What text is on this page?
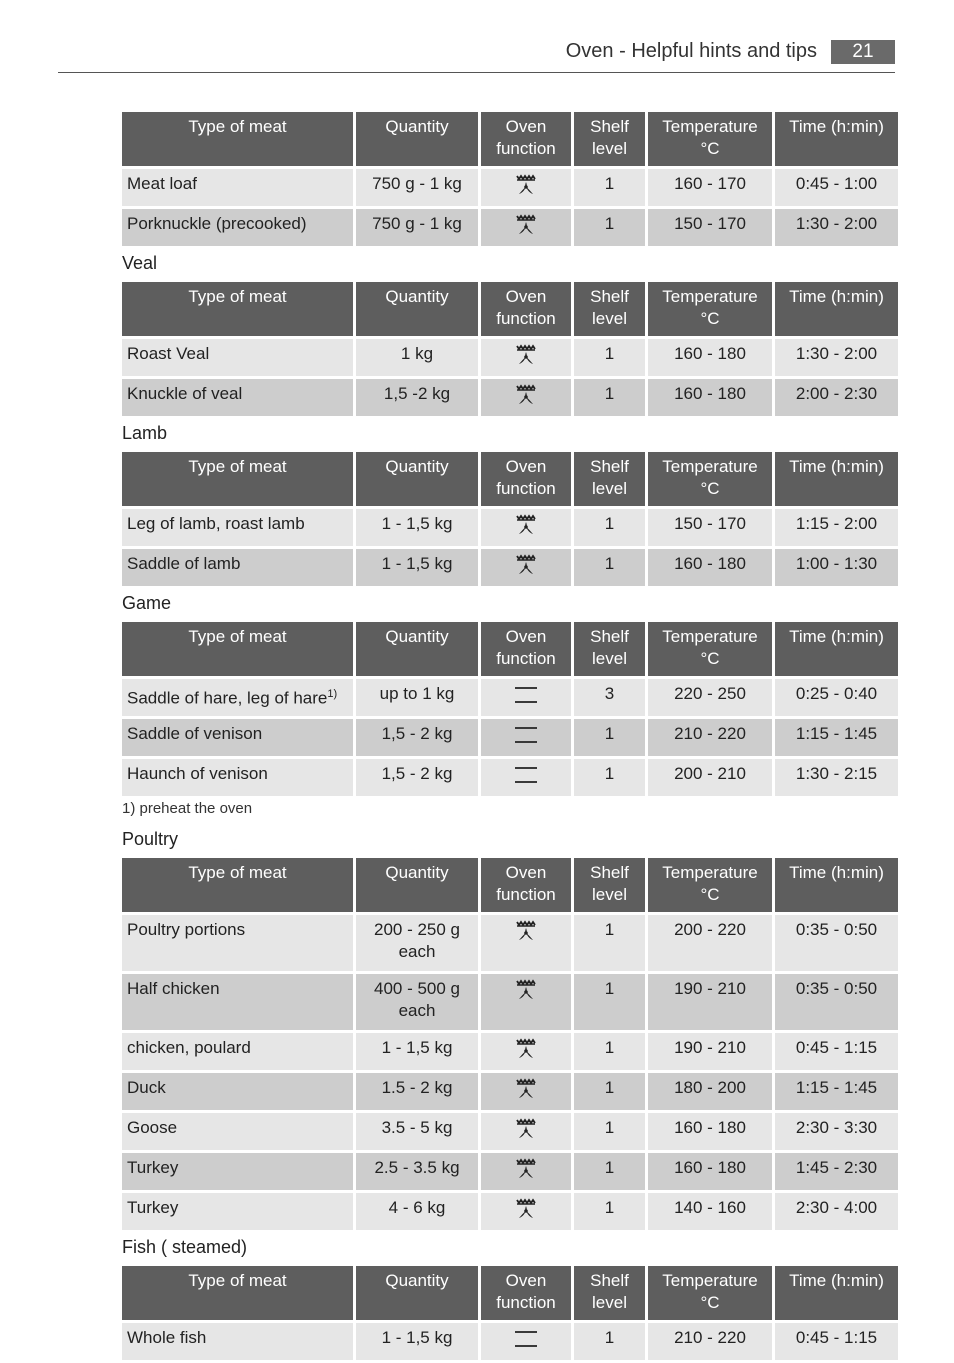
Oven - Helpful hints and tips	21
Type of meat	Quantity	Oven function	Shelf level	Temperature °C	Time (h:min)
Meat loaf	750 g - 1 kg		1	160 - 170	0:45 - 1:00
Porknuckle (precooked)	750 g - 1 kg		1	150 - 170	1:30 - 2:00
Veal
Type of meat	Quantity	Oven function	Shelf level	Temperature °C	Time (h:min)
Roast Veal	1 kg		1	160 - 180	1:30 - 2:00
Knuckle of veal	1,5 -2 kg		1	160 - 180	2:00 - 2:30
Lamb
Type of meat	Quantity	Oven function	Shelf level	Temperature °C	Time (h:min)
Leg of lamb, roast lamb	1 - 1,5 kg		1	150 - 170	1:15 - 2:00
Saddle of lamb	1 - 1,5 kg		1	160 - 180	1:00 - 1:30
Game
Type of meat	Quantity	Oven function	Shelf level	Temperature °C	Time (h:min)
Saddle of hare, leg of hare$^{1)}$	up to 1 kg		3	220 - 250	0:25 - 0:40
Saddle of venison	1,5 - 2 kg		1	210 - 220	1:15 - 1:45
Haunch of venison	1,5 - 2 kg		1	200 - 210	1:30 - 2:15
1) preheat the oven
Poultry
Type of meat	Quantity	Oven function	Shelf level	Temperature °C	Time (h:min)
Poultry portions	200 - 250 g each		1	200 - 220	0:35 - 0:50
Half chicken	400 - 500 g each		1	190 - 210	0:35 - 0:50
chicken, poulard	1 - 1,5 kg		1	190 - 210	0:45 - 1:15
Duck	1.5 - 2 kg		1	180 - 200	1:15 - 1:45
Goose	3.5 - 5 kg		1	160 - 180	2:30 - 3:30
Turkey	2.5 - 3.5 kg		1	160 - 180	1:45 - 2:30
Turkey	4 - 6 kg		1	140 - 160	2:30 - 4:00
Fish ( steamed)
Type of meat	Quantity	Oven function	Shelf level	Temperature °C	Time (h:min)
Whole fish	1 - 1,5 kg		1	210 - 220	0:45 - 1:15
